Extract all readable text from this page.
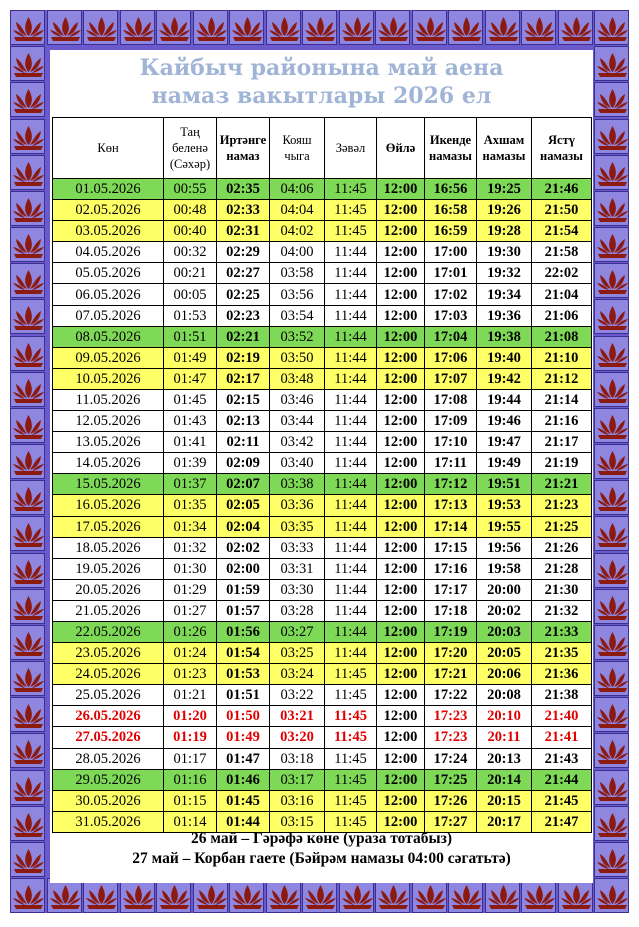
Кайбыч районына май аена
намаз вакытлары 2026 ел
Көн	Таң беленә (Сәхәр)	Иртәнге намаз	Кояш чыга	Зәвәл	Өйлә	Икенде намазы	Ахшам намазы	Ястү намазы
01.05.2026	00:55	02:35	04:06	11:45	12:00	16:56	19:25	21:46
02.05.2026	00:48	02:33	04:04	11:45	12:00	16:58	19:26	21:50
03.05.2026	00:40	02:31	04:02	11:45	12:00	16:59	19:28	21:54
04.05.2026	00:32	02:29	04:00	11:44	12:00	17:00	19:30	21:58
05.05.2026	00:21	02:27	03:58	11:44	12:00	17:01	19:32	22:02
06.05.2026	00:05	02:25	03:56	11:44	12:00	17:02	19:34	21:04
07.05.2026	01:53	02:23	03:54	11:44	12:00	17:03	19:36	21:06
08.05.2026	01:51	02:21	03:52	11:44	12:00	17:04	19:38	21:08
09.05.2026	01:49	02:19	03:50	11:44	12:00	17:06	19:40	21:10
10.05.2026	01:47	02:17	03:48	11:44	12:00	17:07	19:42	21:12
11.05.2026	01:45	02:15	03:46	11:44	12:00	17:08	19:44	21:14
12.05.2026	01:43	02:13	03:44	11:44	12:00	17:09	19:46	21:16
13.05.2026	01:41	02:11	03:42	11:44	12:00	17:10	19:47	21:17
14.05.2026	01:39	02:09	03:40	11:44	12:00	17:11	19:49	21:19
15.05.2026	01:37	02:07	03:38	11:44	12:00	17:12	19:51	21:21
16.05.2026	01:35	02:05	03:36	11:44	12:00	17:13	19:53	21:23
17.05.2026	01:34	02:04	03:35	11:44	12:00	17:14	19:55	21:25
18.05.2026	01:32	02:02	03:33	11:44	12:00	17:15	19:56	21:26
19.05.2026	01:30	02:00	03:31	11:44	12:00	17:16	19:58	21:28
20.05.2026	01:29	01:59	03:30	11:44	12:00	17:17	20:00	21:30
21.05.2026	01:27	01:57	03:28	11:44	12:00	17:18	20:02	21:32
22.05.2026	01:26	01:56	03:27	11:44	12:00	17:19	20:03	21:33
23.05.2026	01:24	01:54	03:25	11:44	12:00	17:20	20:05	21:35
24.05.2026	01:23	01:53	03:24	11:45	12:00	17:21	20:06	21:36
25.05.2026	01:21	01:51	03:22	11:45	12:00	17:22	20:08	21:38
26.05.2026	01:20	01:50	03:21	11:45	12:00	17:23	20:10	21:40
27.05.2026	01:19	01:49	03:20	11:45	12:00	17:23	20:11	21:41
28.05.2026	01:17	01:47	03:18	11:45	12:00	17:24	20:13	21:43
29.05.2026	01:16	01:46	03:17	11:45	12:00	17:25	20:14	21:44
30.05.2026	01:15	01:45	03:16	11:45	12:00	17:26	20:15	21:45
31.05.2026	01:14	01:44	03:15	11:45	12:00	17:27	20:17	21:47
26 май – Гәрәфә көне (ураза тотабыз)
27 май – Корбан гаете (Бәйрәм намазы 04:00 сәгатьтә)
